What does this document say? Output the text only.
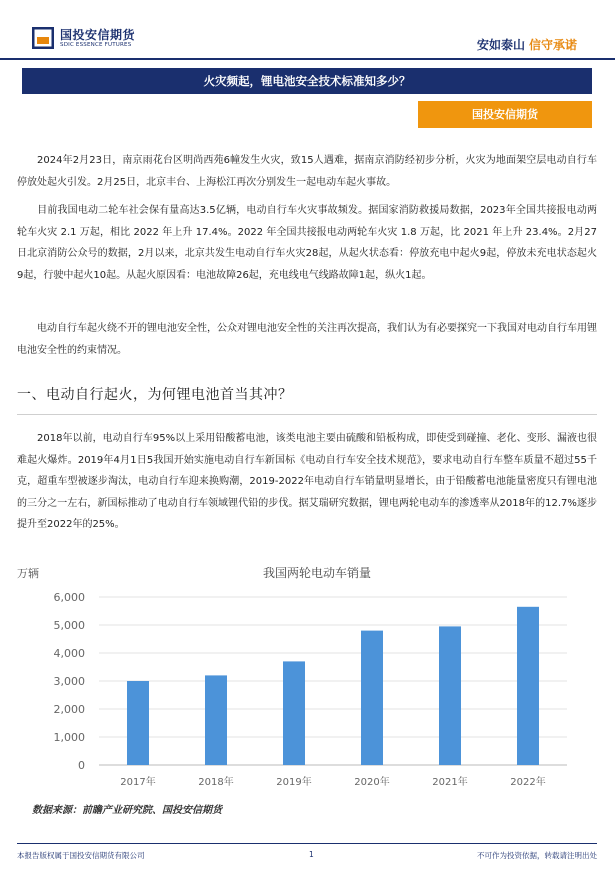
国投安信期货
SDIC ESSENCE FUTURES	安如泰山 信守承诺
火灾频起，锂电池安全技术标准知多少？
国投安信期货
2024年2月23日，南京雨花台区明尚西苑6幢发生火灾，致15人遇难，据南京消防经初步分析，火灾为地面架空层电动自行车停放处起火引发。2月25日，北京丰台、上海松江再次分别发生一起电动车起火事故。
目前我国电动二轮车社会保有量高达3.5亿辆，电动自行车火灾事故频发。据国家消防救援局数据，2023年全国共接报电动两轮车火灾 2.1 万起，相比 2022 年上升 17.4%。2022 年全国共接报电动两轮车火灾 1.8 万起，比 2021 年上升 23.4%。2月27日北京消防公众号的数据，2月以来，北京共发生电动自行车火灾28起，从起火状态看：停放充电中起火9起，停放未充电状态起火9起，行驶中起火10起。从起火原因看：电池故障26起，充电线电气线路故障1起，纵火1起。
电动自行车起火绕不开的锂电池安全性，公众对锂电池安全性的关注再次提高，我们认为有必要探究一下我国对电动自行车用锂电池安全性的约束情况。
一、电动自行起火，为何锂电池首当其冲？
2018年以前，电动自行车95%以上采用铅酸蓄电池，该类电池主要由硫酸和铅板构成，即使受到碰撞、老化、变形、漏液也很难起火爆炸。2019年4月1日5我国开始实施电动自行车新国标《电动自行车安全技术规范》，要求电动自行车整车质量不超过55千克，超重车型被逐步淘汰，电动自行车迎来换购潮，2019-2022年电动自行车销量明显增长，由于铅酸蓄电池能量密度只有锂电池的三分之一左右，新国标推动了电动自行车领域锂代铅的步伐。据艾瑞研究数据，锂电两轮电动车的渗透率从2018年的12.7%逐步提升至2022年的25%。
万辆	我国两轮电动车销量
0
1,000
2,000
3,000
4,000
5,000
6,000
2017年	2018年	2019年	2020年	2021年	2022年
数据来源：前瞻产业研究院、国投安信期货
本报告版权属于国投安信期货有限公司	1	不可作为投资依据，转载请注明出处
